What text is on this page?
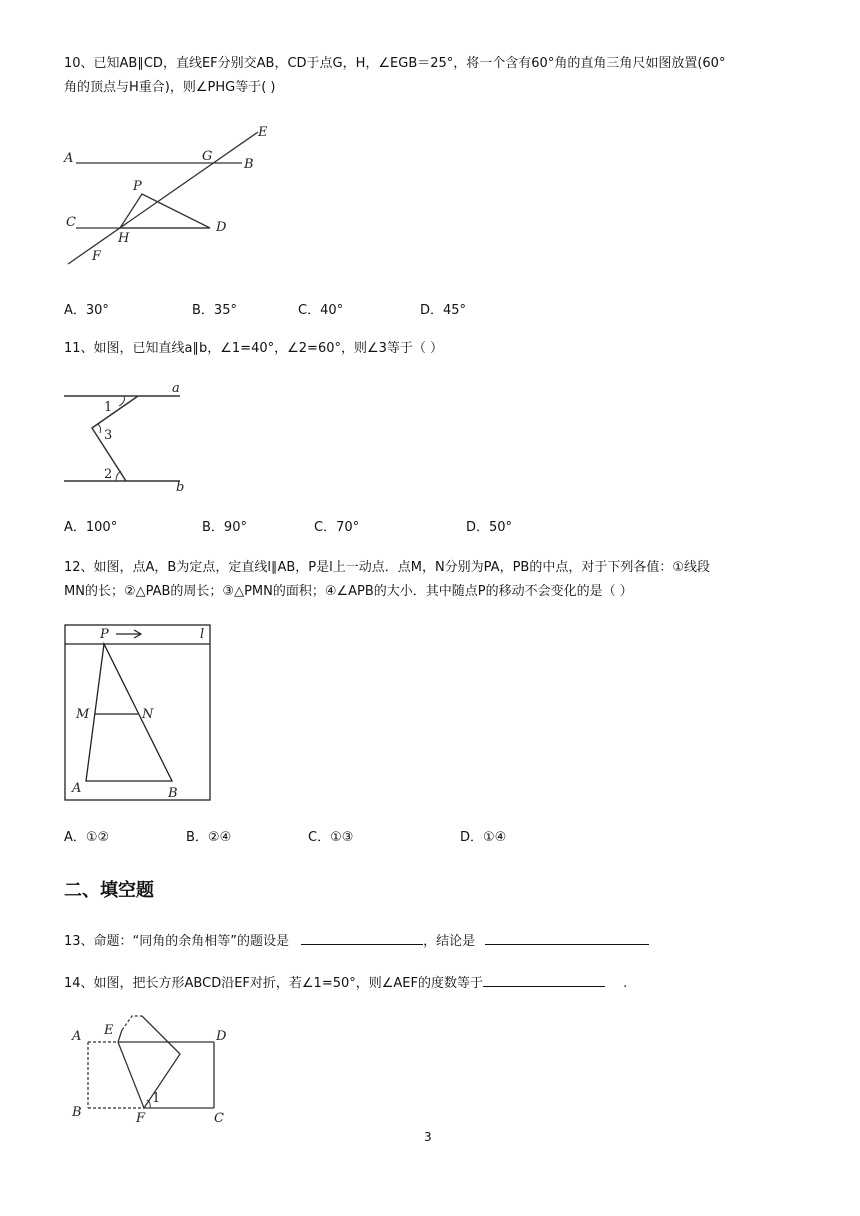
10、已知AB∥CD，直线EF分别交AB，CD于点G，H，∠EGB＝25°，将一个含有60°角的直角三角尺如图放置(60°
角的顶点与H重合)，则∠PHG等于( )
A	B
C	D
E
F
G
H
P
A．30°	B．35°	C．40°	D．45°
11、如图，已知直线a∥b，∠1=40°，∠2=60°，则∠3等于（ ）
a
b
1
2
3
A．100°	B．90°	C．70°	D．50°
12、如图，点A，B为定点，定直线l∥AB，P是l上一动点．点M，N分别为PA，PB的中点，对于下列各值：①线段
MN的长；②△PAB的周长；③△PMN的面积；④∠APB的大小．其中随点P的移动不会变化的是（ ）
P	l
M	N
A	B
A．①②	B．②④	C．①③	D．①④
二、填空题
13、命题：“同角的余角相等”的题设是	，结论是
14、如图，把长方形ABCD沿EF对折，若∠1=50°，则∠AEF的度数等于	.
A
B	C
D
E
F
1
3
